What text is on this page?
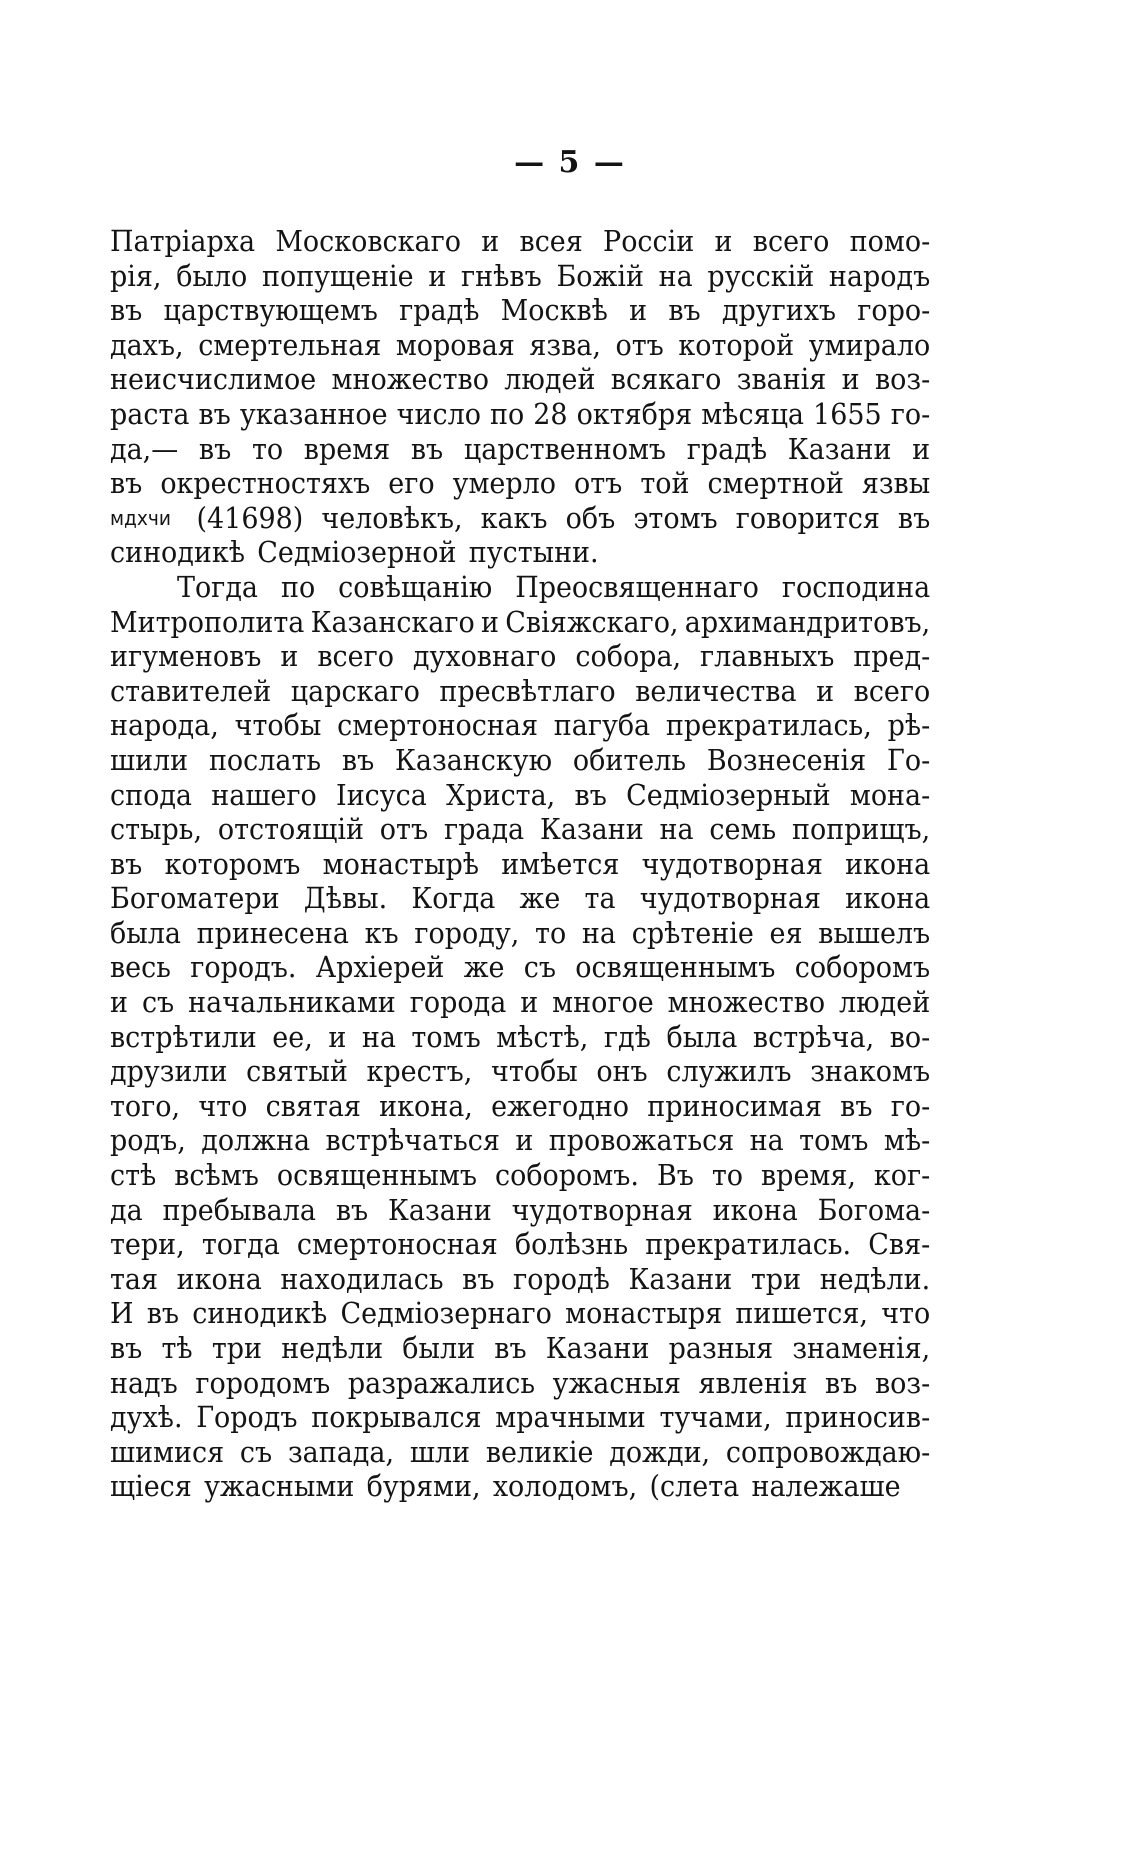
— 5 —
Патріарха Московскаго и всея Россіи и всего помо-
рія, было попущеніе и гнѣвъ Божій на русскій народъ
въ царствующемъ градѣ Москвѣ и въ другихъ горо-
дахъ, смертельная моровая язва, отъ которой умирало
неисчислимое множество людей всякаго званія и воз-
раста въ указанное число по 28 октября мѣсяца 1655 го-
да,— въ то время въ царственномъ градѣ Казани и
въ окрестностяхъ его умерло отъ той смертной язвы
мдхчи (41698) человѣкъ, какъ объ этомъ говорится въ
синодикѣ Седміозерной пустыни.
Тогда по совѣщанію Преосвященнаго господина
Митрополита Казанскаго и Свіяжскаго, архимандритовъ,
игуменовъ и всего духовнаго собора, главныхъ пред-
ставителей царскаго пресвѣтлаго величества и всего
народа, чтобы смертоносная пагуба прекратилась, рѣ-
шили послать въ Казанскую обитель Вознесенія Го-
спода нашего Іисуса Христа, въ Седміозерный мона-
стырь, отстоящій отъ града Казани на семь поприщъ,
въ которомъ монастырѣ имѣется чудотворная икона
Богоматери Дѣвы. Когда же та чудотворная икона
была принесена къ городу, то на срѣтеніе ея вышелъ
весь городъ. Архіерей же съ освященнымъ соборомъ
и съ начальниками города и многое множество людей
встрѣтили ее, и на томъ мѣстѣ, гдѣ была встрѣча, во-
друзили святый крестъ, чтобы онъ служилъ знакомъ
того, что святая икона, ежегодно приносимая въ го-
родъ, должна встрѣчаться и провожаться на томъ мѣ-
стѣ всѣмъ освященнымъ соборомъ. Въ то время, ког-
да пребывала въ Казани чудотворная икона Богома-
тери, тогда смертоносная болѣзнь прекратилась. Свя-
тая икона находилась въ городѣ Казани три недѣли.
И въ синодикѣ Седміозернаго монастыря пишется, что
въ тѣ три недѣли были въ Казани разныя знаменія,
надъ городомъ разражались ужасныя явленія въ воз-
духѣ. Городъ покрывался мрачными тучами, приносив-
шимися съ запада, шли великіе дожди, сопровождаю-
щіеся ужасными бурями, холодомъ, (слета належаше
